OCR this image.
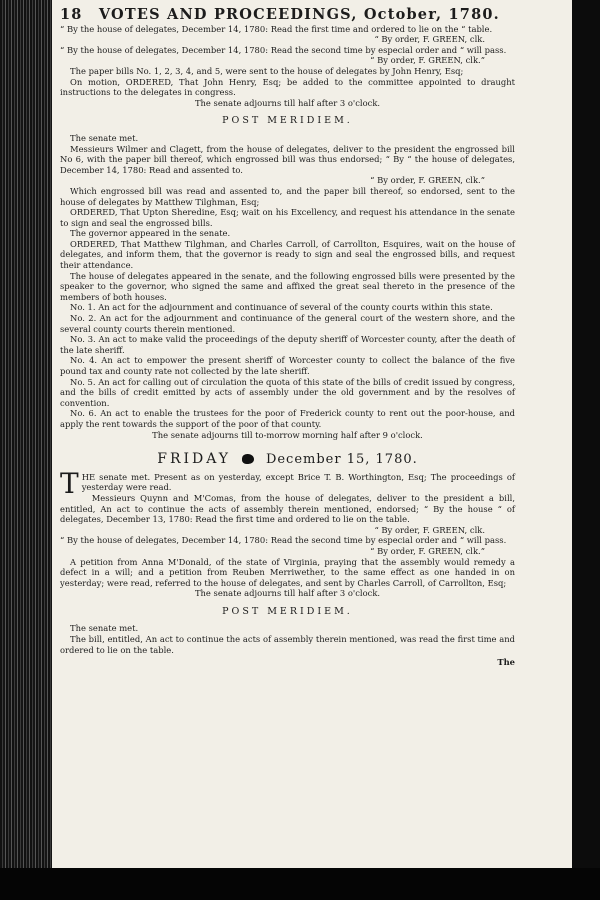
18 VOTES AND PROCEEDINGS, October, 1780.

“ By the house of delegates, December 14, 1780: Read the first time and ordered to lie on the “ table.

“ By order, F. GREEN, clk.

“ By the house of delegates, December 14, 1780: Read the second time by especial order and “ will pass.

“ By order, F. GREEN, clk.”

The paper bills No. 1, 2, 3, 4, and 5, were sent to the house of delegates by John Henry, Esq;

On motion, ORDERED, That John Henry, Esq; be added to the committee appointed to draught instructions to the delegates in congress.

The senate adjourns till half after 3 o'clock.

POST MERIDIEM.

The senate met.

Messieurs Wilmer and Clagett, from the house of delegates, deliver to the president the engrossed bill No 6, with the paper bill thereof, which engrossed bill was thus endorsed; “ By “ the house of delegates, December 14, 1780: Read and assented to.

“ By order, F. GREEN, clk.”

Which engrossed bill was read and assented to, and the paper bill thereof, so endorsed, sent to the house of delegates by Matthew Tilghman, Esq;

ORDERED, That Upton Sheredine, Esq; wait on his Excellency, and request his attendance in the senate to sign and seal the engrossed bills.

The governor appeared in the senate.

ORDERED, That Matthew Tilghman, and Charles Carroll, of Carrollton, Esquires, wait on the house of delegates, and inform them, that the governor is ready to sign and seal the engrossed bills, and request their attendance.

The house of delegates appeared in the senate, and the following engrossed bills were presented by the speaker to the governor, who signed the same and affixed the great seal thereto in the presence of the members of both houses.

No. 1. An act for the adjournment and continuance of several of the county courts within this state.

No. 2. An act for the adjournment and continuance of the general court of the western shore, and the several county courts therein mentioned.

No. 3. An act to make valid the proceedings of the deputy sheriff of Worcester county, after the death of the late sheriff.

No. 4. An act to empower the present sheriff of Worcester county to collect the balance of the five pound tax and county rate not collected by the late sheriff.

No. 5. An act for calling out of circulation the quota of this state of the bills of credit issued by congress, and the bills of credit emitted by acts of assembly under the old government and by the resolves of convention.

No. 6. An act to enable the trustees for the poor of Frederick county to rent out the poor-house, and apply the rent towards the support of the poor of that county.

The senate adjourns till to-morrow morning half after 9 o'clock.

FRIDAY	December 15, 1780.

T HE senate met. Present as on yesterday, except Brice T. B. Worthington, Esq; The proceedings of yesterday were read.

Messieurs Quynn and M'Comas, from the house of delegates, deliver to the president a bill, entitled, An act to continue the acts of assembly therein mentioned, endorsed; “ By the house “ of delegates, December 13, 1780: Read the first time and ordered to lie on the table.

“ By order, F. GREEN, clk.

“ By the house of delegates, December 14, 1780: Read the second time by especial order and “ will pass.

“ By order, F. GREEN, clk.”

A petition from Anna M'Donald, of the state of Virginia, praying that the assembly would remedy a defect in a will; and a petition from Reuben Merriwether, to the same effect as one handed in on yesterday; were read, referred to the house of delegates, and sent by Charles Carroll, of Carrollton, Esq;

The senate adjourns till half after 3 o'clock.

POST MERIDIEM.

The senate met.

The bill, entitled, An act to continue the acts of assembly therein mentioned, was read the first time and ordered to lie on the table.

The
